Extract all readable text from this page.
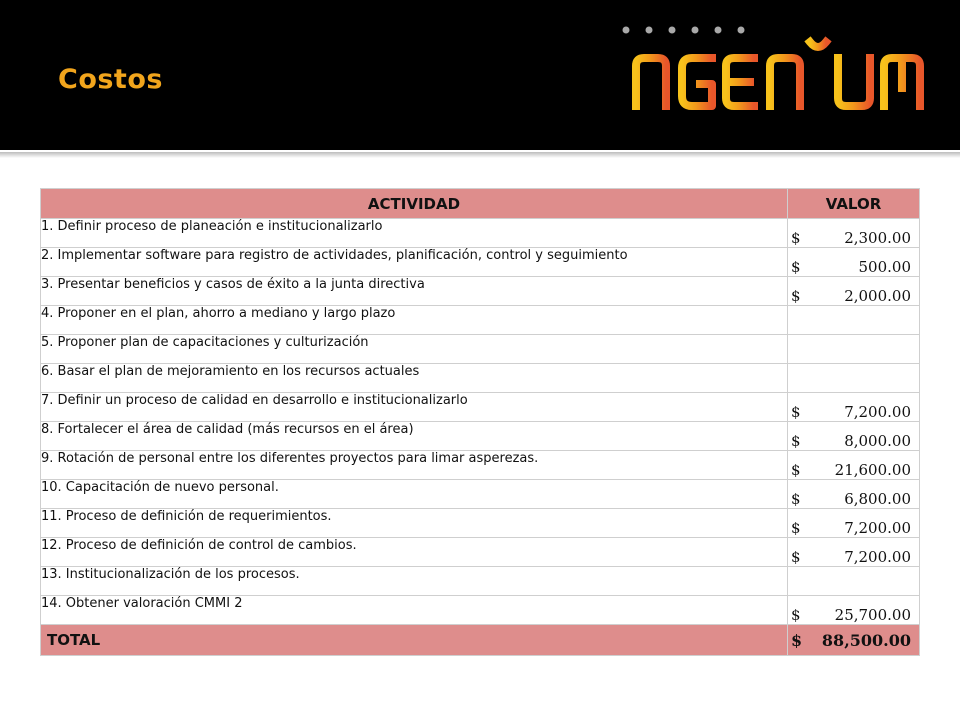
Costos
ACTIVIDAD	VALOR
1. Definir proceso de planeación e institucionalizarlo	$ 2,300.00

2. Implementar software para registro de actividades, planificación, control y seguimiento	$ 500.00

3. Presentar beneficios y casos de éxito a la junta directiva	$ 2,000.00

4. Proponer en el plan, ahorro a mediano y largo plazo	

5. Proponer plan de capacitaciones y culturización	

6. Basar el plan de mejoramiento en los recursos actuales	

7. Definir un proceso de calidad en desarrollo e institucionalizarlo	$ 7,200.00

8. Fortalecer el área de calidad (más recursos en el área)	$ 8,000.00

9. Rotación de personal entre los diferentes proyectos para limar asperezas.	$ 21,600.00

10. Capacitación de nuevo personal.	$ 6,800.00

11. Proceso de definición de requerimientos.	$ 7,200.00

12. Proceso de definición de control de cambios.	$ 7,200.00

13. Institucionalización de los procesos.	

14. Obtener valoración CMMI 2	$ 25,700.00

TOTAL	$ 88,500.00
